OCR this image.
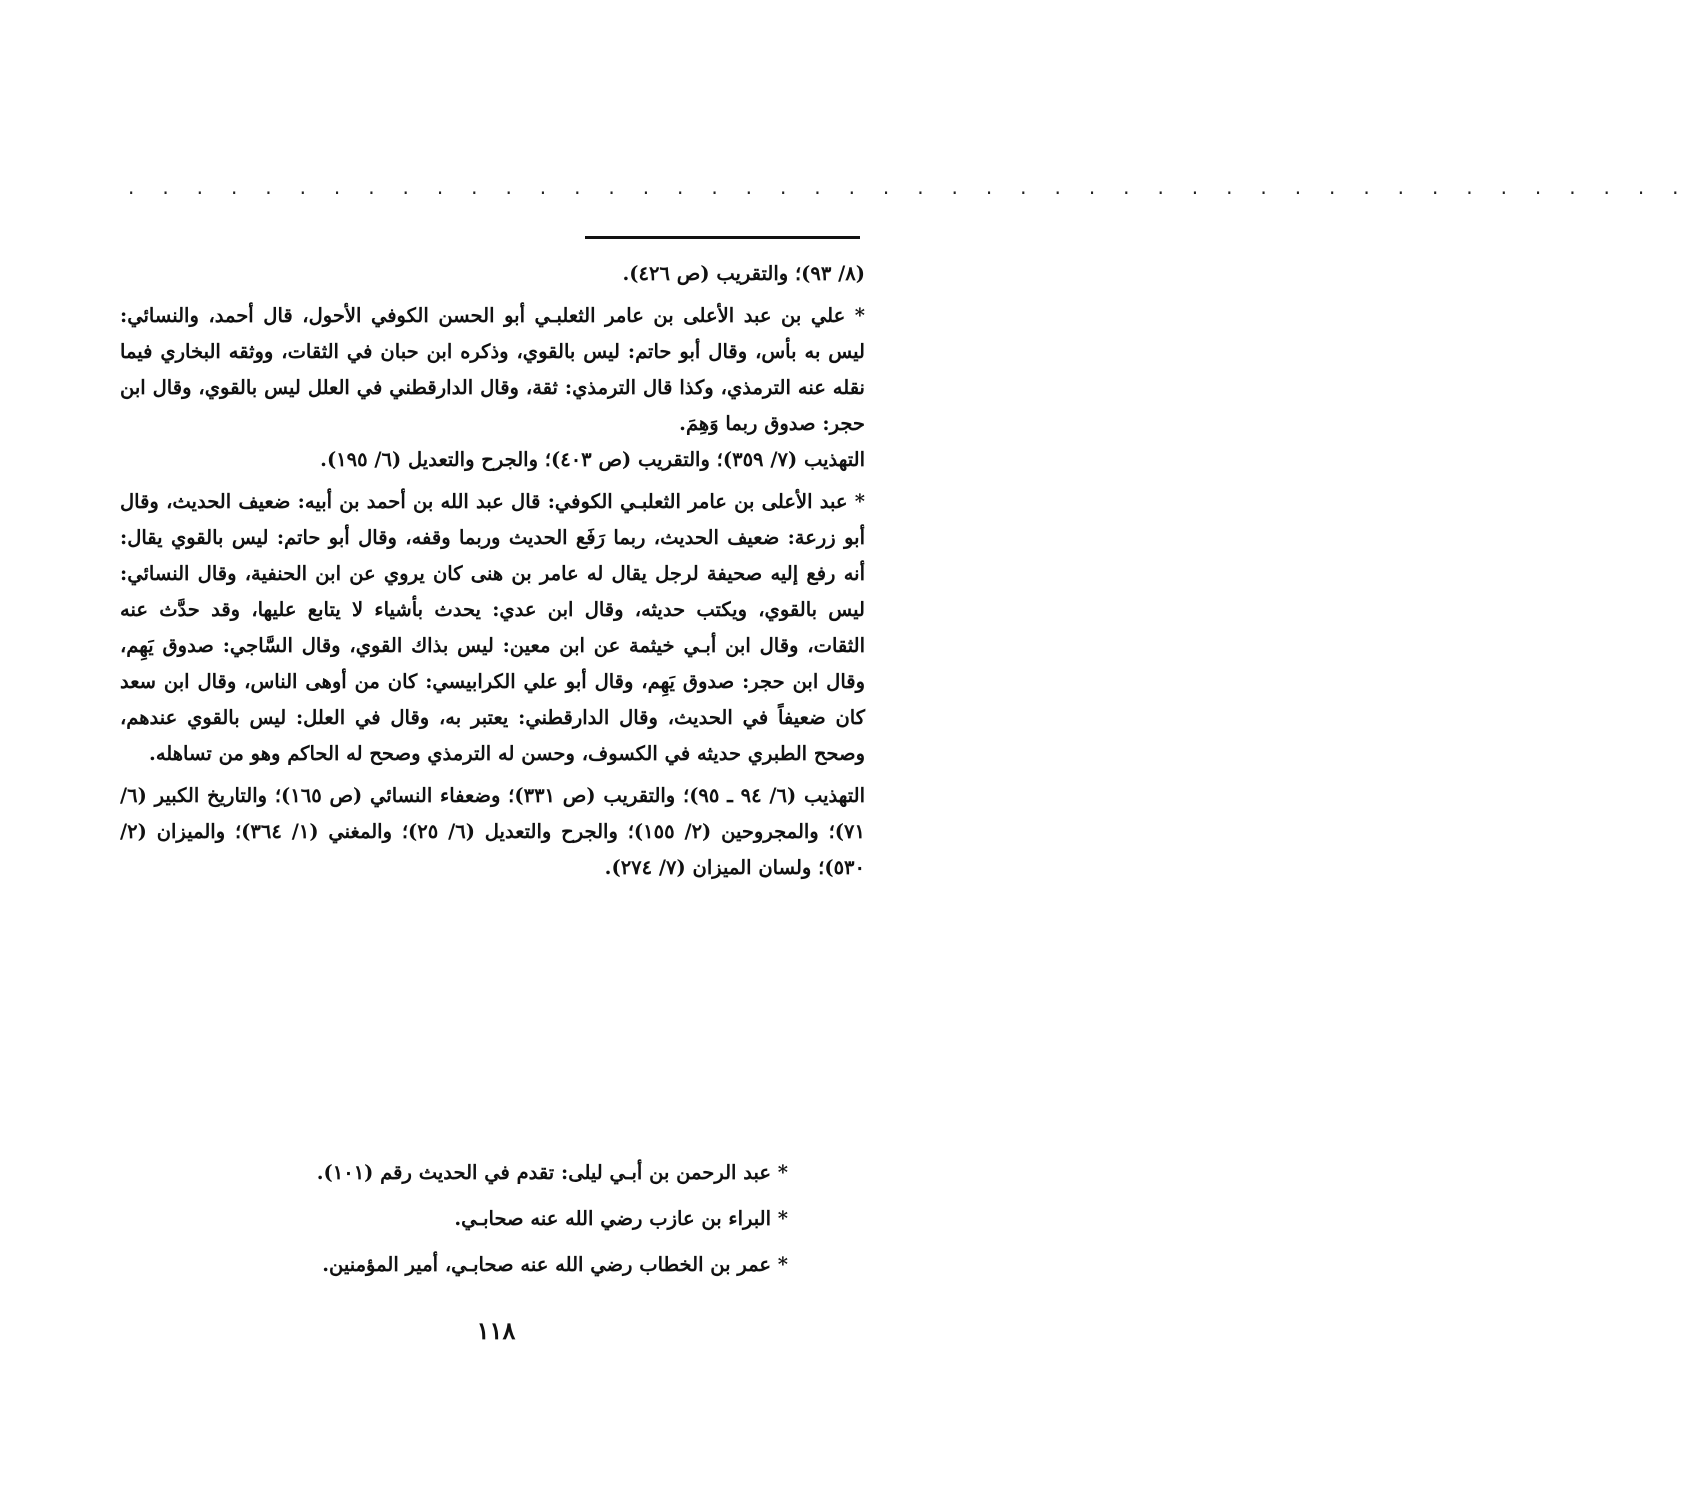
. . . . . . . . . . . . . . . . . . . . . . . . . . . . . . . . . . . . . . . . . . . . . .

(٨/ ٩٣)؛ والتقريب (ص ٤٢٦).

* علي بن عبد الأعلى بن عامر الثعلبـي أبو الحسن الكوفي الأحول، قال أحمد، والنسائي: ليس به بأس، وقال أبو حاتم: ليس بالقوي، وذكره ابن حبان في الثقات، ووثقه البخاري فيما نقله عنه الترمذي، وكذا قال الترمذي: ثقة، وقال الدارقطني في العلل ليس بالقوي، وقال ابن حجر: صدوق ربما وَهِمَ.

التهذيب (٧/ ٣٥٩)؛ والتقريب (ص ٤٠٣)؛ والجرح والتعديل (٦/ ١٩٥).

* عبد الأعلى بن عامر الثعلبـي الكوفي: قال عبد الله بن أحمد بن أبيه: ضعيف الحديث، وقال أبو زرعة: ضعيف الحديث، ربما رَفَع الحديث وربما وقفه، وقال أبو حاتم: ليس بالقوي يقال: أنه رفع إليه صحيفة لرجل يقال له عامر بن هنى كان يروي عن ابن الحنفية، وقال النسائي: ليس بالقوي، ويكتب حديثه، وقال ابن عدي: يحدث بأشياء لا يتابع عليها، وقد حدَّث عنه الثقات، وقال ابن أبـي خيثمة عن ابن معين: ليس بذاك القوي، وقال السَّاجي: صدوق يَهِم، وقال ابن حجر: صدوق يَهِم، وقال أبو علي الكرابيسي: كان من أوهى الناس، وقال ابن سعد كان ضعيفاً في الحديث، وقال الدارقطني: يعتبر به، وقال في العلل: ليس بالقوي عندهم، وصحح الطبري حديثه في الكسوف، وحسن له الترمذي وصحح له الحاكم وهو من تساهله.

التهذيب (٦/ ٩٤ ـ ٩٥)؛ والتقريب (ص ٣٣١)؛ وضعفاء النسائي (ص ١٦٥)؛ والتاريخ الكبير (٦/ ٧١)؛ والمجروحين (٢/ ١٥٥)؛ والجرح والتعديل (٦/ ٢٥)؛ والمغني (١/ ٣٦٤)؛ والميزان (٢/ ٥٣٠)؛ ولسان الميزان (٧/ ٢٧٤).

* عبد الرحمن بن أبـي ليلى: تقدم في الحديث رقم (١٠١).
* البراء بن عازب رضي الله عنه صحابـي.
* عمر بن الخطاب رضي الله عنه صحابـي، أمير المؤمنين.
١١٨
